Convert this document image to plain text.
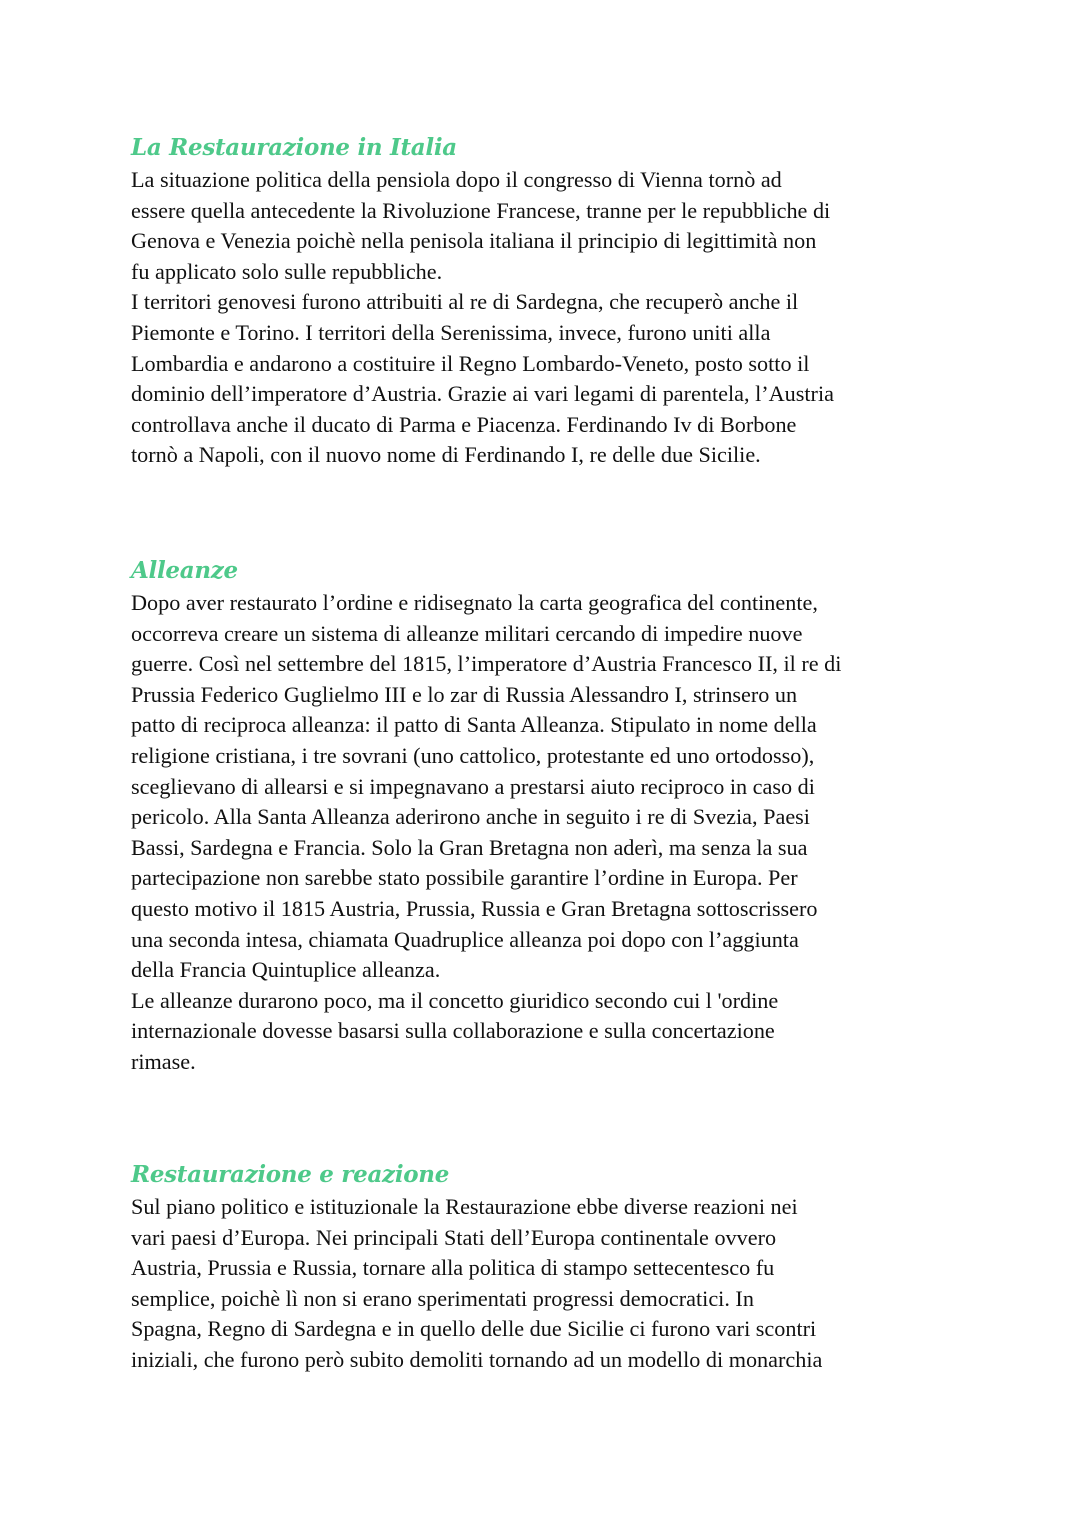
La Restaurazione in Italia
La situazione politica della pensiola dopo il congresso di Vienna tornò ad
essere quella antecedente la Rivoluzione Francese, tranne per le repubbliche di
Genova e Venezia poichè nella penisola italiana il principio di legittimità non
fu applicato solo sulle repubbliche.
I territori genovesi furono attribuiti al re di Sardegna, che recuperò anche il
Piemonte e Torino. I territori della Serenissima, invece, furono uniti alla
Lombardia e andarono a costituire il Regno Lombardo-Veneto, posto sotto il
dominio dell’imperatore d’Austria. Grazie ai vari legami di parentela, l’Austria
controllava anche il ducato di Parma e Piacenza. Ferdinando Iv di Borbone
tornò a Napoli, con il nuovo nome di Ferdinando I, re delle due Sicilie.
Alleanze
Dopo aver restaurato l’ordine e ridisegnato la carta geografica del continente,
occorreva creare un sistema di alleanze militari cercando di impedire nuove
guerre. Così nel settembre del 1815, l’imperatore d’Austria Francesco II, il re di
Prussia Federico Guglielmo III e lo zar di Russia Alessandro I, strinsero un
patto di reciproca alleanza: il patto di Santa Alleanza. Stipulato in nome della
religione cristiana, i tre sovrani (uno cattolico, protestante ed uno ortodosso),
sceglievano di allearsi e si impegnavano a prestarsi aiuto reciproco in caso di
pericolo. Alla Santa Alleanza aderirono anche in seguito i re di Svezia, Paesi
Bassi, Sardegna e Francia. Solo la Gran Bretagna non aderì, ma senza la sua
partecipazione non sarebbe stato possibile garantire l’ordine in Europa. Per
questo motivo il 1815 Austria, Prussia, Russia e Gran Bretagna sottoscrissero
una seconda intesa, chiamata Quadruplice alleanza poi dopo con l’aggiunta
della Francia Quintuplice alleanza.
Le alleanze durarono poco, ma il concetto giuridico secondo cui l 'ordine
internazionale dovesse basarsi sulla collaborazione e sulla concertazione
rimase.
Restaurazione e reazione
Sul piano politico e istituzionale la Restaurazione ebbe diverse reazioni nei
vari paesi d’Europa. Nei principali Stati dell’Europa continentale ovvero
Austria, Prussia e Russia, tornare alla politica di stampo settecentesco fu
semplice, poichè lì non si erano sperimentati progressi democratici. In
Spagna, Regno di Sardegna e in quello delle due Sicilie ci furono vari scontri
iniziali, che furono però subito demoliti tornando ad un modello di monarchia
